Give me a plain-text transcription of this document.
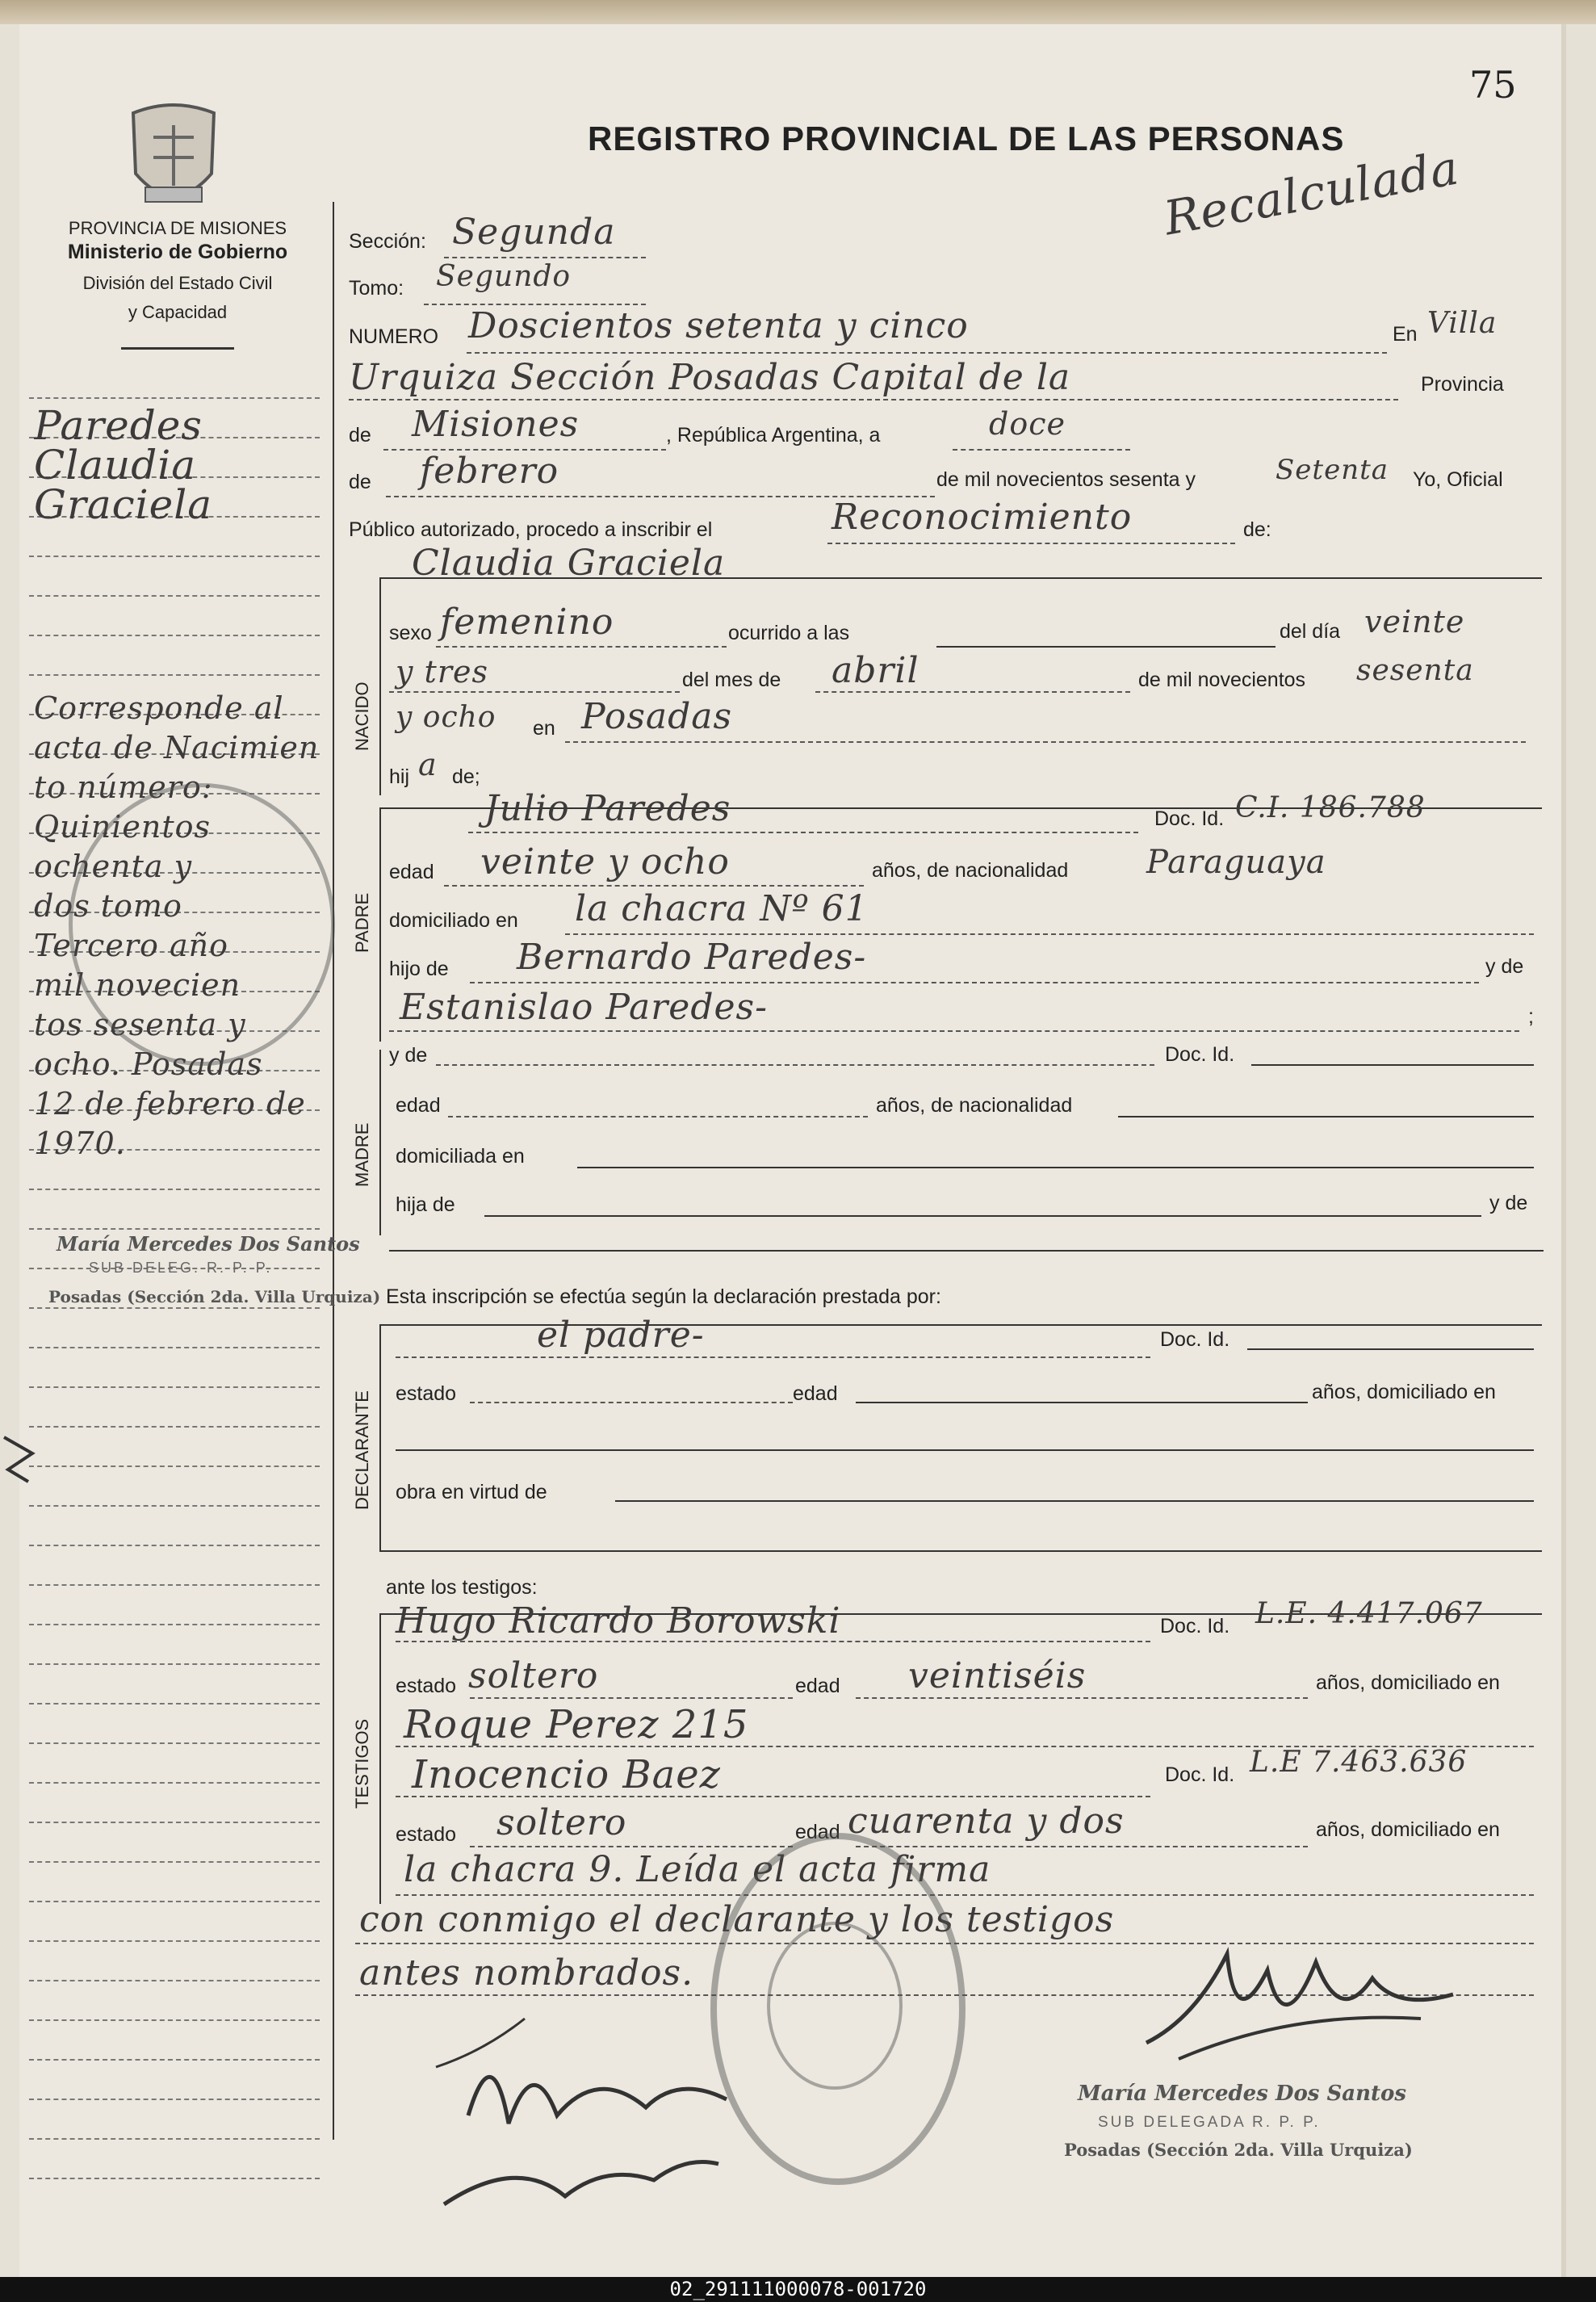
75
REGISTRO PROVINCIAL DE LAS PERSONAS
Recalculada
PROVINCIA DE MISIONES
Ministerio de Gobierno
División del Estado Civil
y Capacidad
Paredes
Claudia
Graciela
Corresponde al
acta de Nacimien
to número:
Quinientos
ochenta y
dos tomo
Tercero año
mil novecien
tos sesenta y
ocho. Posadas
12 de febrero de
1970.
María Mercedes Dos Santos
SUB DELEG. R. P. P.
Posadas (Sección 2da. Villa Urquiza)
Sección: Segunda
Tomo: Segundo
NUMERO Doscientos setenta y cinco	En Villa
Urquiza Sección Posadas Capital de la	Provincia
de Misiones	, República Argentina, a	doce
de febrero	de mil novecientos sesenta y	Setenta Yo, Oficial
Público autorizado, procedo a inscribir el	Reconocimiento	de:
NACIDO
Claudia Graciela
sexo femenino	ocurrido a las	del día veinte
y tres	del mes de abril	de mil novecientos sesenta
y ocho en Posadas
hij a de;
PADRE
Julio Paredes	Doc. Id. C.I. 186.788
edad veinte y ocho	años, de nacionalidad Paraguaya
domiciliado en la chacra Nº 61
hijo de Bernardo Paredes-	y de
Estanislao Paredes-	;
MADRE
y de	Doc. Id.
edad	años, de nacionalidad
domiciliada en
hija de	y de
Esta inscripción se efectúa según la declaración prestada por:
DECLARANTE
el padre-	Doc. Id.
estado	edad	años, domiciliado en
obra en virtud de
ante los testigos:
TESTIGOS
Hugo Ricardo Borowski	Doc. Id. L.E. 4.417.067
estado soltero	edad veintiséis	años, domiciliado en
Roque Perez 215
Inocencio Baez	Doc. Id. L.E 7.463.636
estado soltero	edad cuarenta y dos	años, domiciliado en
la chacra 9. Leída el acta firma
con conmigo el declarante y los testigos
antes nombrados.
María Mercedes Dos Santos
SUB DELEGADA R. P. P.
Posadas (Sección 2da. Villa Urquiza)
02_291111000078-001720
